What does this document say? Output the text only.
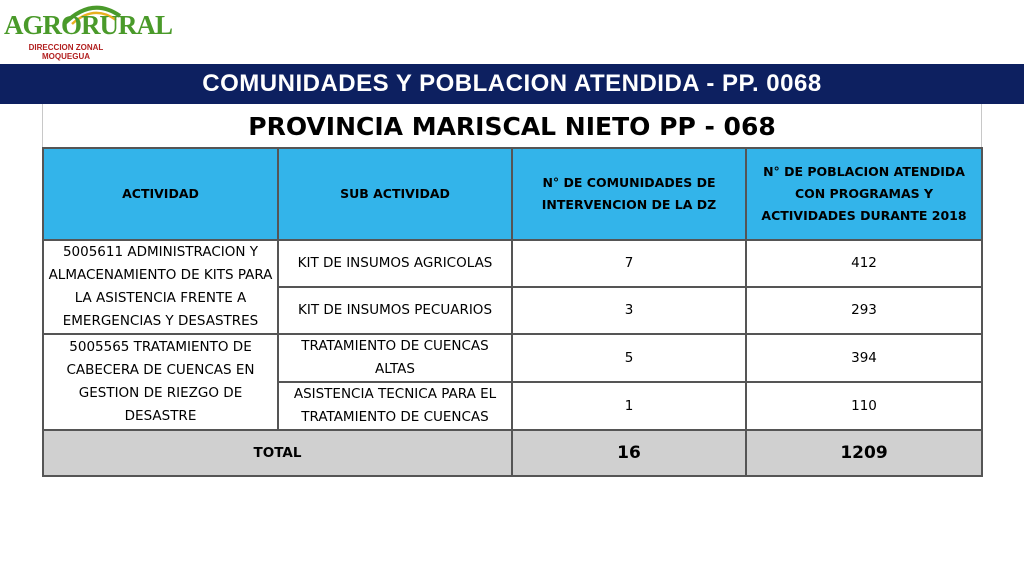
AGRORURAL
DIRECCION ZONAL
MOQUEGUA
COMUNIDADES Y POBLACION ATENDIDA - PP. 0068
PROVINCIA MARISCAL NIETO PP - 068
ACTIVIDAD	SUB ACTIVIDAD	N° DE COMUNIDADES DE INTERVENCION DE LA DZ	N° DE POBLACION ATENDIDA CON PROGRAMAS Y ACTIVIDADES DURANTE 2018
5005611 ADMINISTRACION Y ALMACENAMIENTO DE KITS PARA LA ASISTENCIA FRENTE A EMERGENCIAS Y DESASTRES	KIT DE INSUMOS AGRICOLAS	7	412
	KIT DE INSUMOS PECUARIOS	3	293
5005565 TRATAMIENTO DE CABECERA DE CUENCAS EN GESTION DE RIEZGO DE DESASTRE	TRATAMIENTO DE CUENCAS ALTAS	5	394
	ASISTENCIA TECNICA PARA EL TRATAMIENTO DE CUENCAS	1	110
TOTAL		16	1209
